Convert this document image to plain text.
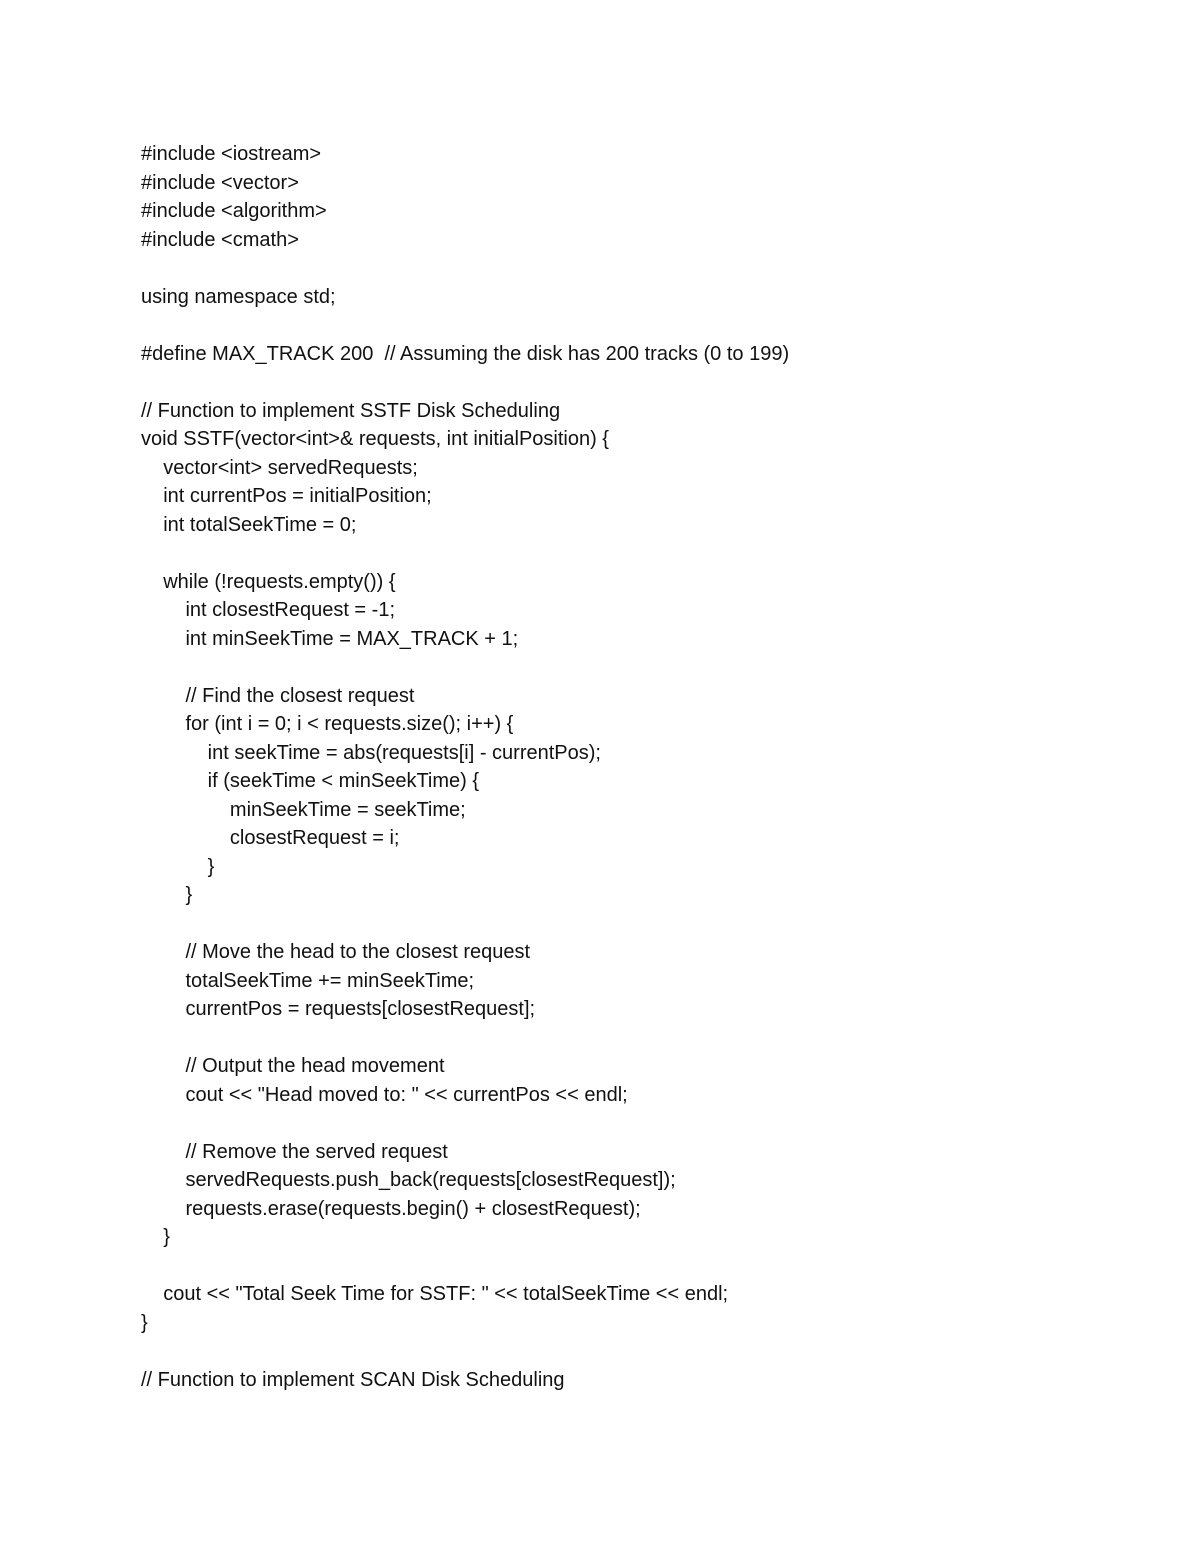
#include <iostream>
#include <vector>
#include <algorithm>
#include <cmath>
using namespace std;
#define MAX_TRACK 200  // Assuming the disk has 200 tracks (0 to 199)
// Function to implement SSTF Disk Scheduling
void SSTF(vector<int>& requests, int initialPosition) {
vector<int> servedRequests;
int currentPos = initialPosition;
int totalSeekTime = 0;
while (!requests.empty()) {
int closestRequest = -1;
int minSeekTime = MAX_TRACK + 1;
// Find the closest request
for (int i = 0; i < requests.size(); i++) {
int seekTime = abs(requests[i] - currentPos);
if (seekTime < minSeekTime) {
minSeekTime = seekTime;
closestRequest = i;
}
}
// Move the head to the closest request
totalSeekTime += minSeekTime;
currentPos = requests[closestRequest];
// Output the head movement
cout << "Head moved to: " << currentPos << endl;
// Remove the served request
servedRequests.push_back(requests[closestRequest]);
requests.erase(requests.begin() + closestRequest);
}
cout << "Total Seek Time for SSTF: " << totalSeekTime << endl;
}
// Function to implement SCAN Disk Scheduling
